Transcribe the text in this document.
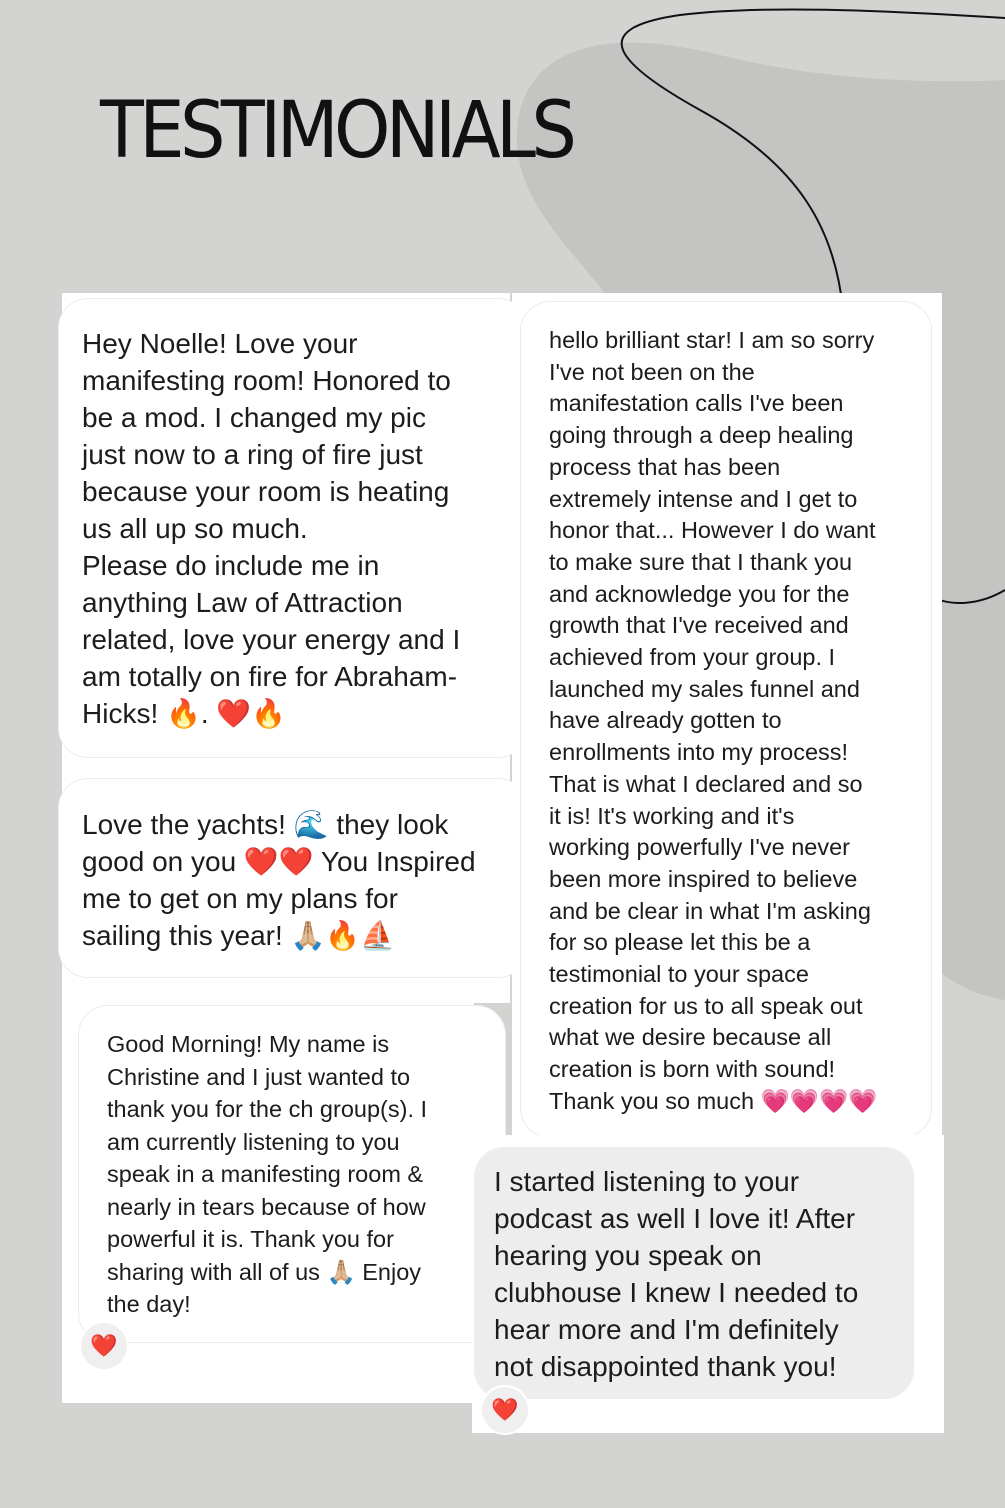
TESTIMONIALS
Hey Noelle! Love your
manifesting room! Honored to
be a mod. I changed my pic
just now to a ring of fire just
because your room is heating
us all up so much.
Please do include me in
anything Law of Attraction
related, love your energy and I
am totally on fire for Abraham-
Hicks! 🔥. ❤️🔥
Love the yachts! 🌊 they look
good on you ❤️❤️ You Inspired
me to get on my plans for
sailing this year! 🙏🏼🔥⛵
Good Morning! My name is
Christine and I just wanted to
thank you for the ch group(s). I
am currently listening to you
speak in a manifesting room &
nearly in tears because of how
powerful it is. Thank you for
sharing with all of us 🙏🏼 Enjoy
the day!
❤️
hello brilliant star! I am so sorry
I've not been on the
manifestation calls I've been
going through a deep healing
process that has been
extremely intense and I get to
honor that... However I do want
to make sure that I thank you
and acknowledge you for the
growth that I've received and
achieved from your group. I
launched my sales funnel and
have already gotten to
enrollments into my process!
That is what I declared and so
it is! It's working and it's
working powerfully I've never
been more inspired to believe
and be clear in what I'm asking
for so please let this be a
testimonial to your space
creation for us to all speak out
what we desire because all
creation is born with sound!
Thank you so much 💗💗💗💗
I started listening to your
podcast as well I love it! After
hearing you speak on
clubhouse I knew I needed to
hear more and I'm definitely
not disappointed thank you!
❤️
